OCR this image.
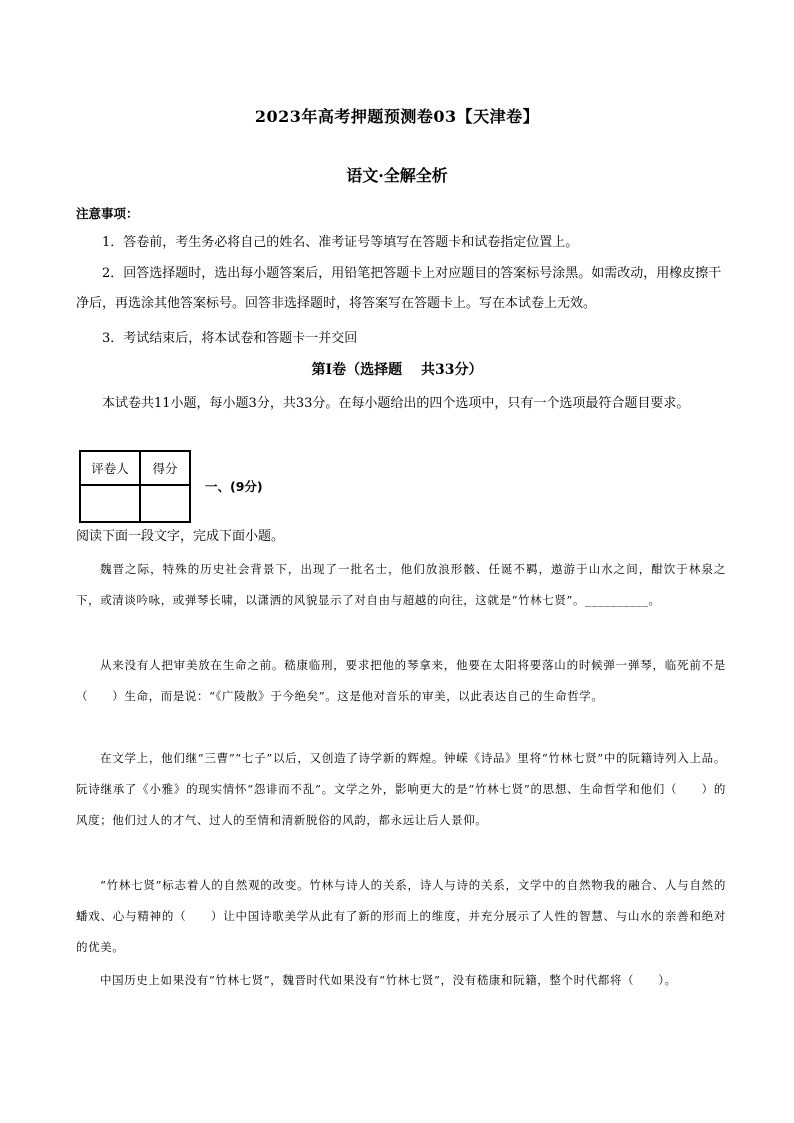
2023年高考押题预测卷03【天津卷】
语文·全解全析
注意事项：

1．答卷前，考生务必将自己的姓名、准考证号等填写在答题卡和试卷指定位置上。

2．回答选择题时，选出每小题答案后，用铅笔把答题卡上对应题目的答案标号涂黑。如需改动，用橡皮擦干净后，再选涂其他答案标号。回答非选择题时，将答案写在答题卡上。写在本试卷上无效。

3．考试结束后，将本试卷和答题卡一并交回

第Ⅰ卷（选择题　 共33分）

本试卷共11小题，每小题3分，共33分。在每小题给出的四个选项中，只有一个选项最符合题目要求。

评卷人	得分

一、(9分)
阅读下面一段文字，完成下面小题。

魏晋之际，特殊的历史社会背景下，出现了一批名士，他们放浪形骸、任诞不羁，遨游于山水之间，酣饮于林泉之下，或清谈吟咏，或弹琴长啸，以潇洒的风貌显示了对自由与超越的向往，这就是“竹林七贤”。__________。

从来没有人把审美放在生命之前。嵇康临刑，要求把他的琴拿来，他要在太阳将要落山的时候弹一弹琴，临死前不是（　　）生命，而是说：“《广陵散》于今绝矣”。这是他对音乐的审美，以此表达自己的生命哲学。

在文学上，他们继“三曹”“七子”以后，又创造了诗学新的辉煌。钟嵘《诗品》里将“竹林七贤”中的阮籍诗列入上品。阮诗继承了《小雅》的现实情怀“怨诽而不乱”。文学之外，影响更大的是“竹林七贤”的思想、生命哲学和他们（　　）的风度；他们过人的才气、过人的至情和清新脱俗的风韵，都永远让后人景仰。

“竹林七贤”标志着人的自然观的改变。竹林与诗人的关系，诗人与诗的关系，文学中的自然物我的融合、人与自然的蟠戏、心与精神的（　　）让中国诗歌美学从此有了新的形而上的维度，并充分展示了人性的智慧、与山水的亲善和绝对的优美。

中国历史上如果没有“竹林七贤”，魏晋时代如果没有“竹林七贤”，没有嵇康和阮籍，整个时代都将（　　）。
